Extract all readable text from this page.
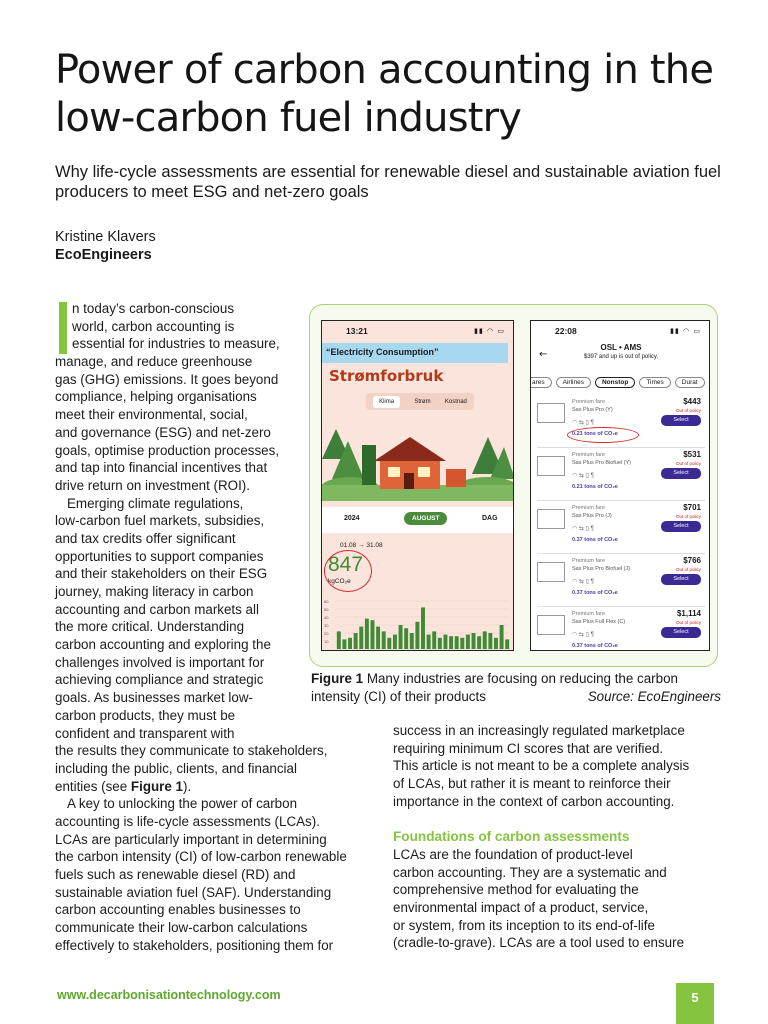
Power of carbon accounting in the low-carbon fuel industry
Why life-cycle assessments are essential for renewable diesel and sustainable aviation fuel producers to meet ESG and net-zero goals
Kristine Klavers
EcoEngineers
n today’s carbon-conscious
world, carbon accounting is
essential for industries to measure,
manage, and reduce greenhouse
gas (GHG) emissions. It goes beyond
compliance, helping organisations
meet their environmental, social,
and governance (ESG) and net-zero
goals, optimise production processes,
and tap into financial incentives that
drive return on investment (ROI).
Emerging climate regulations,
low-carbon fuel markets, subsidies,
and tax credits offer significant
opportunities to support companies
and their stakeholders on their ESG
journey, making literacy in carbon
accounting and carbon markets all
the more critical. Understanding
carbon accounting and exploring the
challenges involved is important for
achieving compliance and strategic
goals. As businesses market low-
carbon products, they must be
confident and transparent with
the results they communicate to stakeholders,
including the public, clients, and financial
entities (see Figure 1).
A key to unlocking the power of carbon
accounting is life-cycle assessments (LCAs).
LCAs are particularly important in determining
the carbon intensity (CI) of low-carbon renewable
fuels such as renewable diesel (RD) and
sustainable aviation fuel (SAF). Understanding
carbon accounting enables businesses to
communicate their low-carbon calculations
effectively to stakeholders, positioning them for
success in an increasingly regulated marketplace
requiring minimum CI scores that are verified.
This article is not meant to be a complete analysis
of LCAs, but rather it is meant to reinforce their
importance in the context of carbon accounting.
Foundations of carbon assessments
LCAs are the foundation of product-level
carbon accounting. They are a systematic and
comprehensive method for evaluating the
environmental impact of a product, service,
or system, from its inception to its end-of-life
(cradle-to-grave). LCAs are a tool used to ensure
13:21	▮▮ ◠ ▭
“Electricity Consumption”
Strømforbruk
Klima	Strøm Kostnad
2024	AUGUST	DAG
01.08 → 31.08
847
kgCO₂e
60
50
40
30
20
10
22:08	▮▮ ◠ ▭
←
OSL • AMS
$397 and up is out of policy.
ares	Airlines	Nonstop	Times	Durat
Premium fare
Sas Plus Pro (Y)
◠ ⇆ ▯ ¶
0.21 tons of CO₂e
$443
Out of policy
Select
Premium fare
Sas Plus Pro Biofuel (Y)
◠ ⇆ ▯ ¶
0.21 tons of CO₂e
$531
Out of policy
Select
Premium fare
Sas Plus Pro (J)
◠ ⇆ ▯ ¶
0.37 tons of CO₂e
$701
Out of policy
Select
Premium fare
Sas Plus Pro Biofuel (J)
◠ ⇆ ▯ ¶
0.37 tons of CO₂e
$766
Out of policy
Select
Premium fare
Sas Plus Full Flex (C)
◠ ⇆ ▯ ¶
0.37 tons of CO₂e
$1,114
Out of policy
Select
Figure 1 Many industries are focusing on reducing the carbon
intensity (CI) of their products	Source: EcoEngineers
www.decarbonisationtechnology.com	5
